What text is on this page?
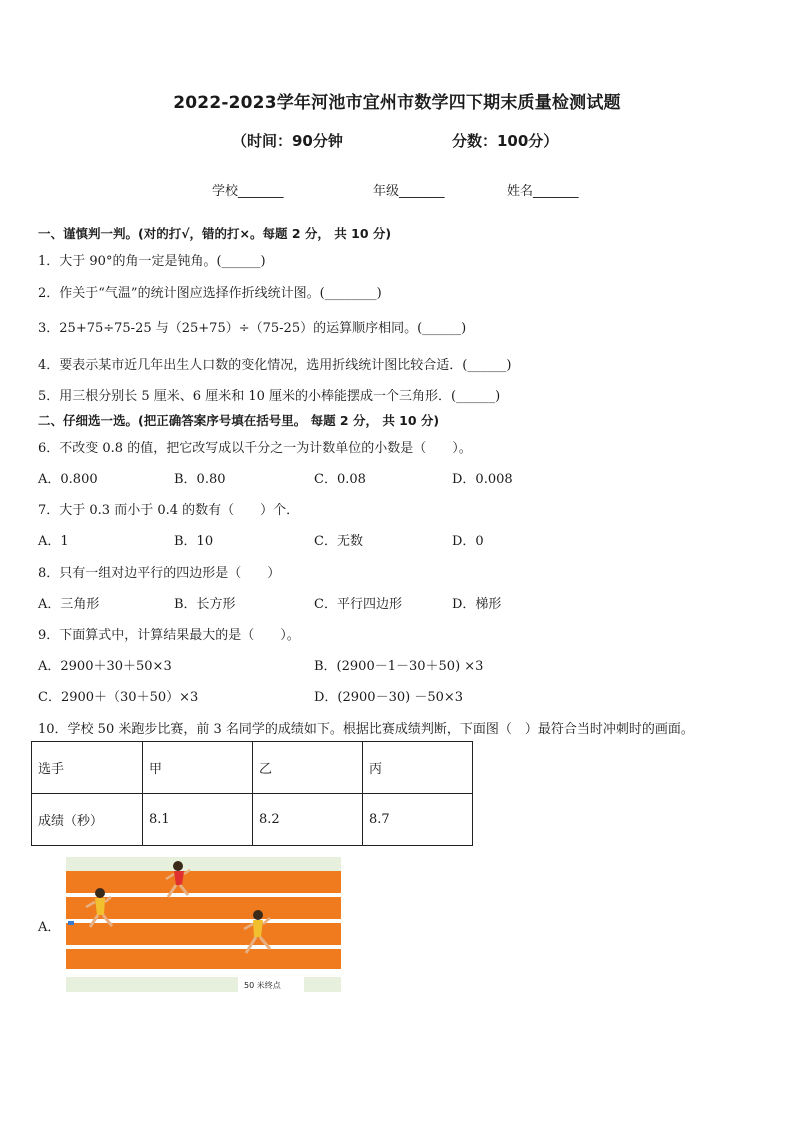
2022-2023学年河池市宜州市数学四下期末质量检测试题
（时间：90分钟	分数：100分）
学校_______	年级_______	姓名_______
一、谨慎判一判。(对的打√，错的打×。每题 2 分， 共 10 分)
1．大于 90°的角一定是钝角。(______)
2．作关于“气温”的统计图应选择作折线统计图。(________)
3．25+75÷75-25 与（25+75）÷（75-25）的运算顺序相同。(______)
4．要表示某市近几年出生人口数的变化情况，选用折线统计图比较合适．(______)
5．用三根分别长 5 厘米、6 厘米和 10 厘米的小棒能摆成一个三角形．(______)
二、仔细选一选。(把正确答案序号填在括号里。 每题 2 分， 共 10 分)
6．不改变 0.8 的值，把它改写成以千分之一为计数单位的小数是（　　）。
A．0.800	B．0.80	C．0.08	D．0.008
7．大于 0.3 而小于 0.4 的数有（　　）个．
A．1	B．10	C．无数	D．0
8．只有一组对边平行的四边形是（　　）
A．三角形	B．长方形	C．平行四边形	D．梯形
9．下面算式中，计算结果最大的是（　　）。
A．2900＋30＋50×3	B．(2900－1－30＋50) ×3
C．2900＋（30＋50）×3	D．(2900－30) －50×3
10．学校 50 米跑步比赛，前 3 名同学的成绩如下。根据比赛成绩判断，下面图（　）最符合当时冲刺时的画面。
选手	甲	乙	丙
成绩（秒）	8.1	8.2	8.7
A．
50 米终点
